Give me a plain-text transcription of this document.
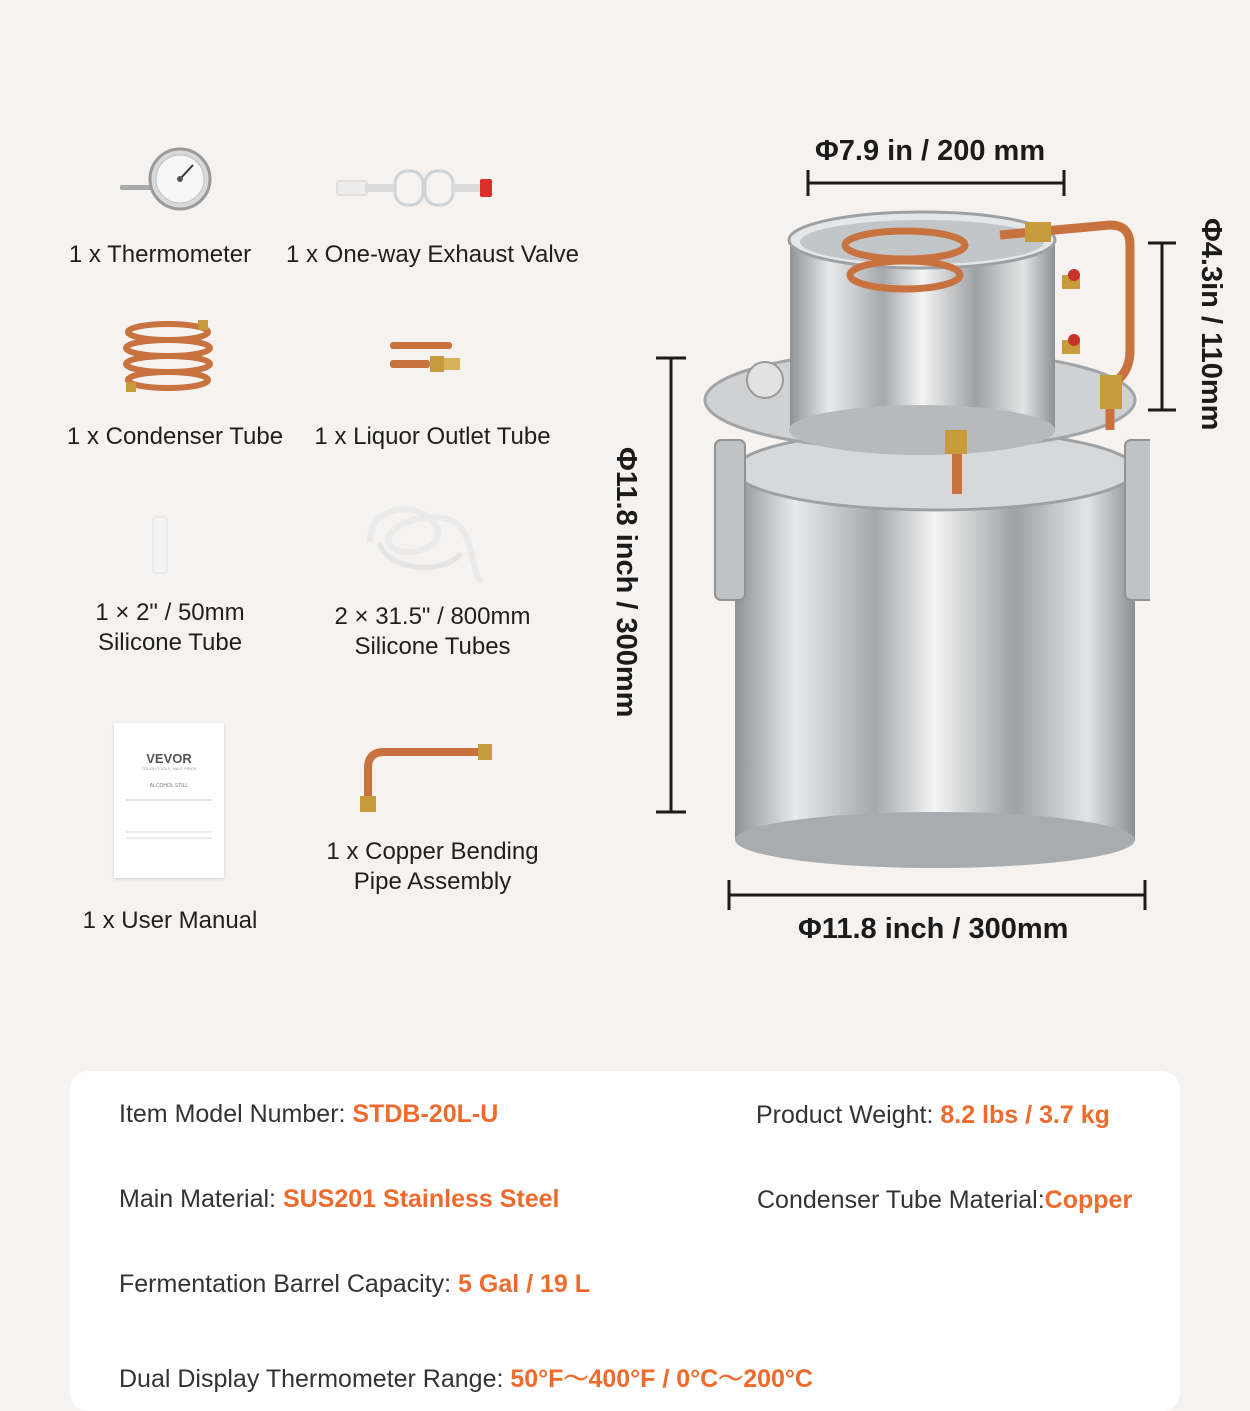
1 x Thermometer	1 x One-way Exhaust Valve
1 x Condenser Tube	1 x Liquor Outlet Tube
1 × 2" / 50mm
Silicone Tube
2 × 31.5" / 800mm
Silicone Tubes
VEVOR
TOUGH TOOLS, HALF PRICE
ALCOHOL STILL
1 x User Manual
1 x Copper Bending
Pipe Assembly
Φ7.9 in / 200 mm
Φ4.3in / 110mm
Φ11.8 inch / 300mm
Φ11.8 inch / 300mm
Item Model Number: STDB-20L-U	Product Weight: 8.2 lbs / 3.7 kg
Main Material: SUS201 Stainless Steel	Condenser Tube Material:Copper
Fermentation Barrel Capacity: 5 Gal / 19 L
Dual Display Thermometer Range: 50°F～400°F / 0°C～200°C
